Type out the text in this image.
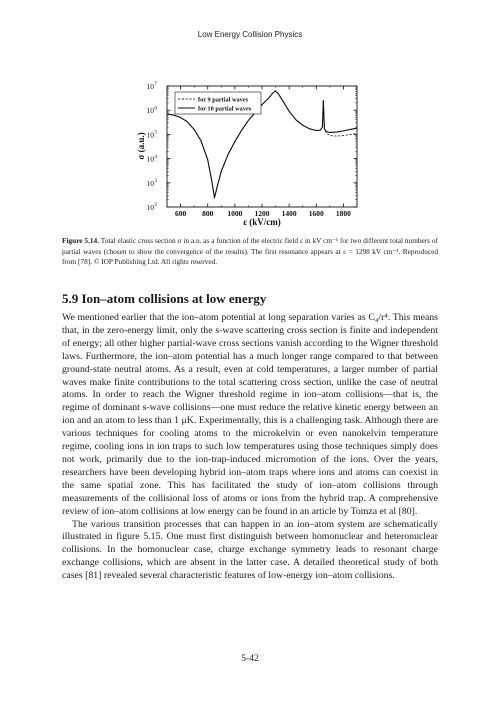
Low Energy Collision Physics
10 2
10 3
10 4
10 5
10 6
10 7
600 800 1000 1200 1400 1600 1800
σ (a.u.)
ε (kV/cm)
for 9 partial waves
for 10 partial waves
Figure 5.14. Total elastic cross section σ in a.u. as a function of the electric field ε in kV cm⁻¹ for two different total numbers of partial waves (chosen to show the convergence of the results). The first resonance appears at ε = 1298 kV cm⁻¹. Reproduced from [78]. © IOP Publishing Ltd. All rights reserved.
5.9 Ion–atom collisions at low energy

We mentioned earlier that the ion–atom potential at long separation varies as C₄/r⁴. This means that, in the zero-energy limit, only the s-wave scattering cross section is finite and independent of energy; all other higher partial-wave cross sections vanish according to the Wigner threshold laws. Furthermore, the ion–atom potential has a much longer range compared to that between ground-state neutral atoms. As a result, even at cold temperatures, a larger number of partial waves make finite contributions to the total scattering cross section, unlike the case of neutral atoms. In order to reach the Wigner threshold regime in ion–atom collisions—that is, the regime of dominant s-wave collisions—one must reduce the relative kinetic energy between an ion and an atom to less than 1 μK. Experimentally, this is a challenging task. Although there are various techniques for cooling atoms to the microkelvin or even nanokelvin temperature regime, cooling ions in ion traps to such low temperatures using those techniques simply does not work, primarily due to the ion-trap-induced micromotion of the ions. Over the years, researchers have been developing hybrid ion–atom traps where ions and atoms can coexist in the same spatial zone. This has facilitated the study of ion–atom collisions through measurements of the collisional loss of atoms or ions from the hybrid trap. A comprehensive review of ion–atom collisions at low energy can be found in an article by Tomza et al [80].

The various transition processes that can happen in an ion–atom system are schematically illustrated in figure 5.15. One must first distinguish between homonuclear and heteronuclear collisions. In the homonuclear case, charge exchange symmetry leads to resonant charge exchange collisions, which are absent in the latter case. A detailed theoretical study of both cases [81] revealed several characteristic features of low-energy ion–atom collisions.

5-42
